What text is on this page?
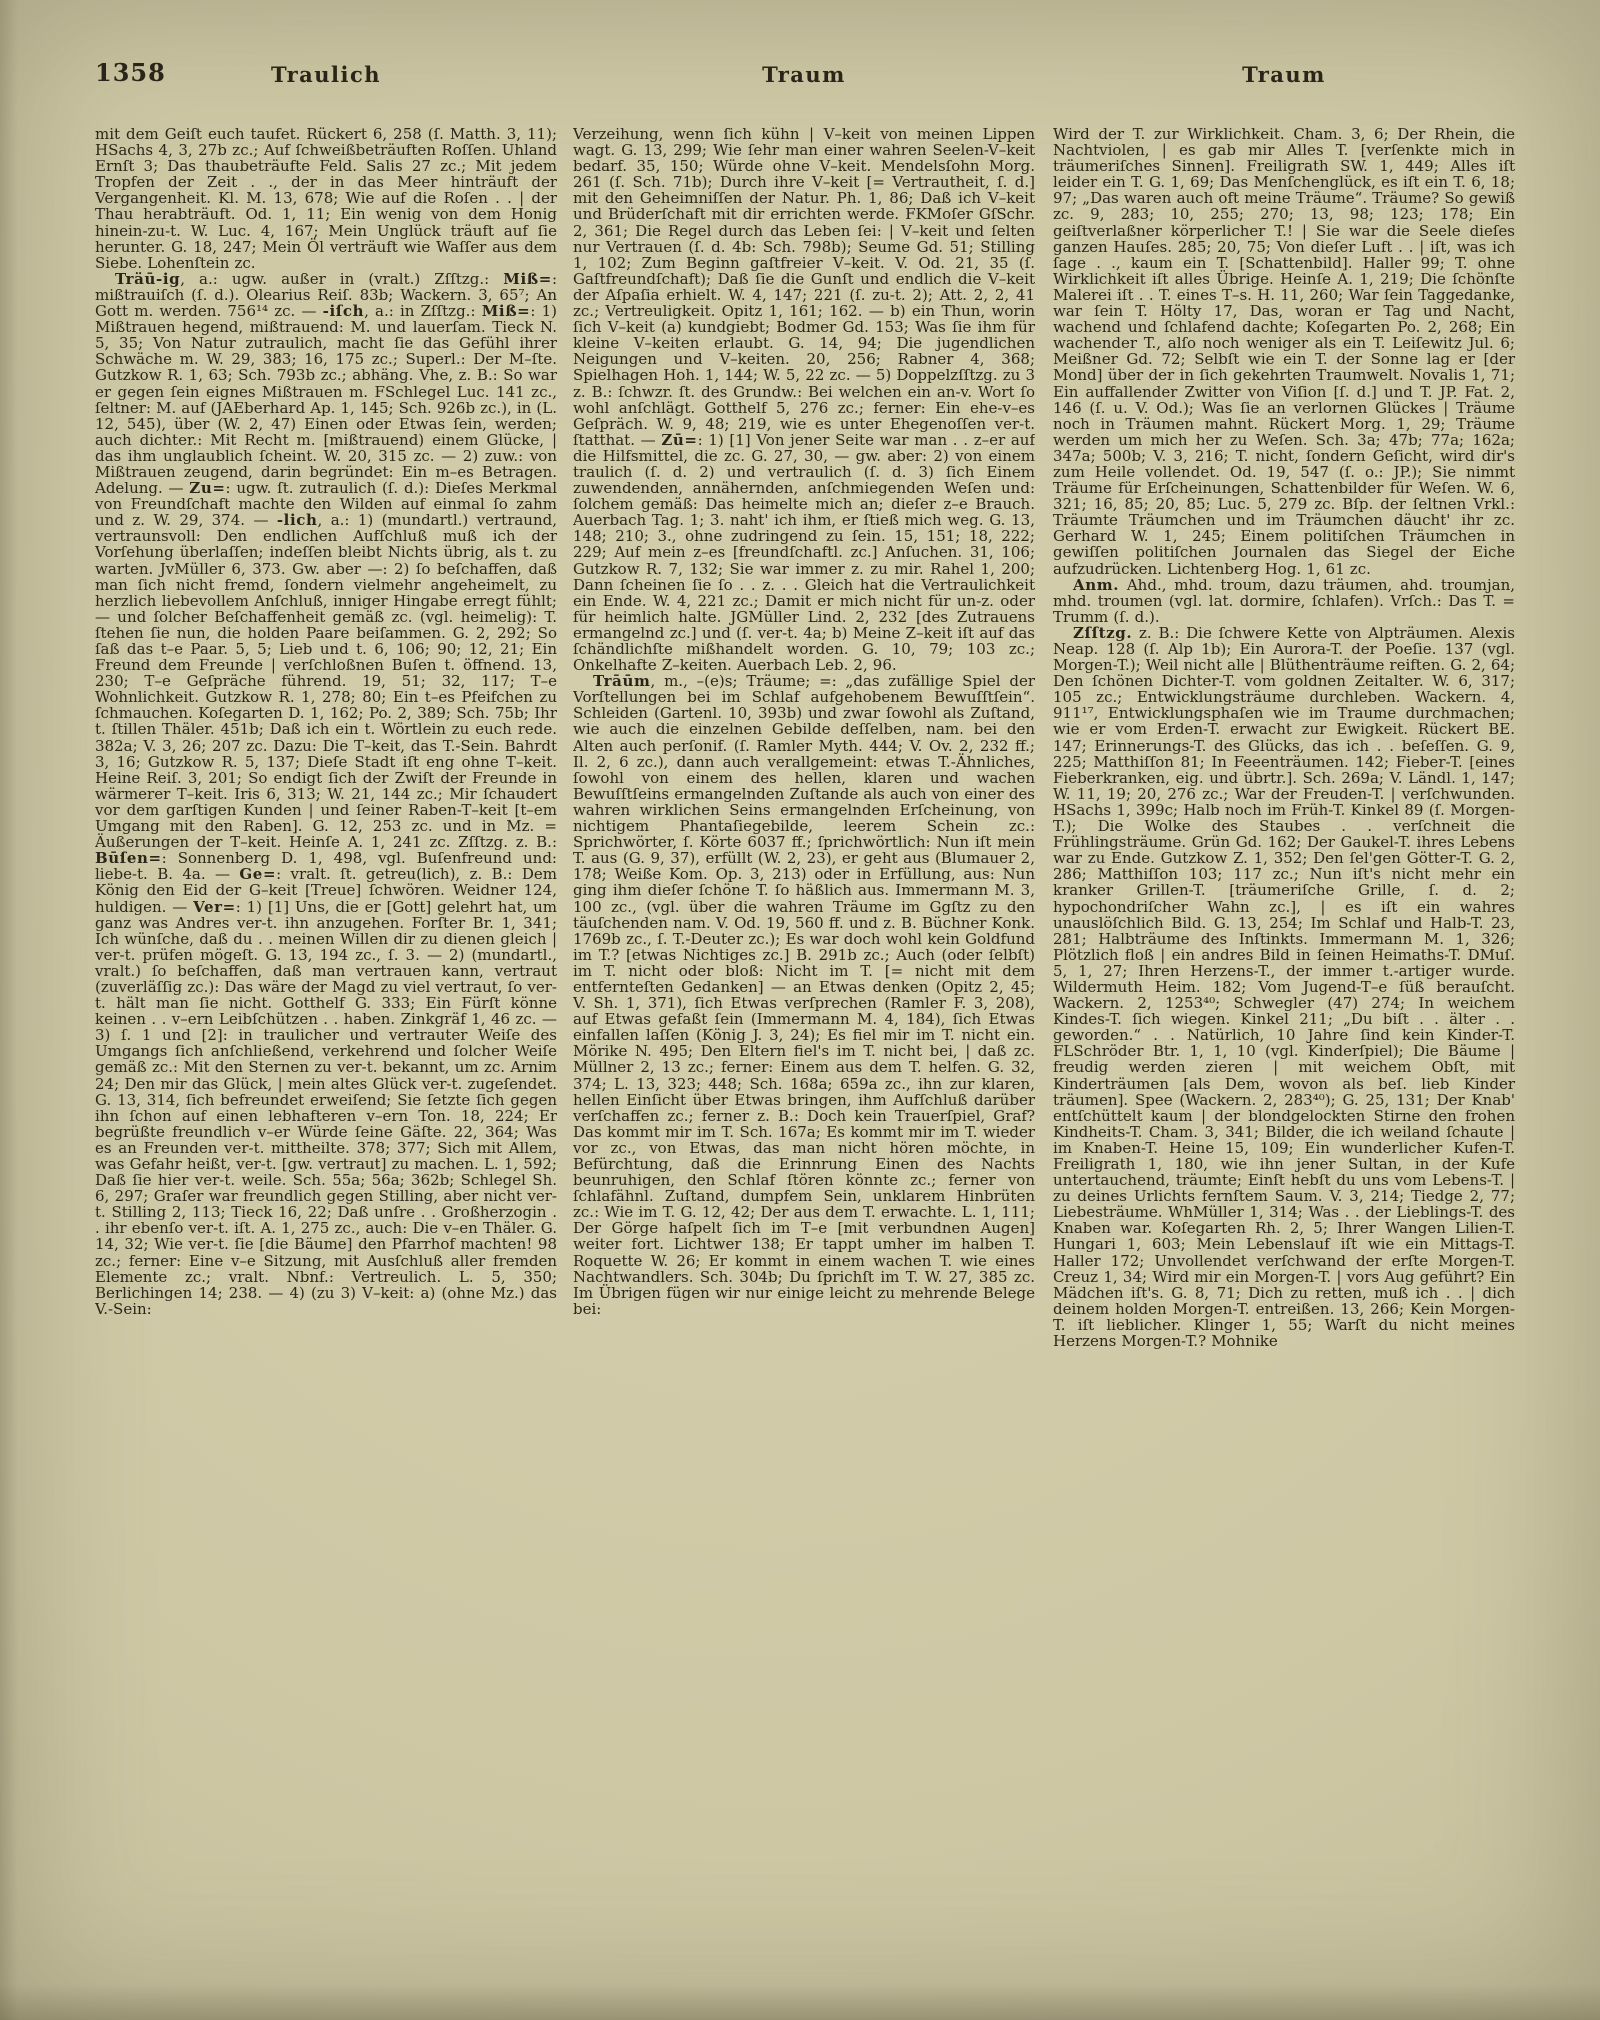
1358	Traulich	Traum	Traum

mit dem Geiſt euch taufet. Rückert 6, 258 (ſ. Matth. 3, 11); HSachs 4, 3, 27b zc.; Auf ſchweißbeträuften Roſſen. Uhland Ernſt 3; Das thaubeträufte Feld. Salis 27 zc.; Mit jedem Tropfen der Zeit . ., der in das Meer hinträuft der Vergangenheit. Kl. M. 13, 678; Wie auf die Roſen . . | der Thau herabträuft. Od. 1, 11; Ein wenig von dem Honig hinein-zu-t. W. Luc. 4, 167; Mein Unglück träuft auf ſie herunter. G. 18, 247; Mein Öl verträuft wie Waſſer aus dem Siebe. Lohenſtein zc.

Träū-ig, a.: ugw. außer in (vralt.) Zſſtzg.: Miß=: mißtrauiſch (ſ. d.). Olearius Reiſ. 83b; Wackern. 3, 65⁷; An Gott m. werden. 756¹⁴ zc. — -iſch, a.: in Zſſtzg.: Miß=: 1) Mißtrauen hegend, mißtrauend: M. und lauerſam. Tieck N. 5, 35; Von Natur zutraulich, macht ſie das Gefühl ihrer Schwäche m. W. 29, 383; 16, 175 zc.; Superl.: Der M–ſte. Gutzkow R. 1, 63; Sch. 793b zc.; abhäng. Vhe, z. B.: So war er gegen ſein eignes Mißtrauen m. FSchlegel Luc. 141 zc., ſeltner: M. auf (JAEberhard Ap. 1, 145; Sch. 926b zc.), in (L. 12, 545), über (W. 2, 47) Einen oder Etwas ſein, werden; auch dichter.: Mit Recht m. [mißtrauend) einem Glücke, | das ihm unglaublich ſcheint. W. 20, 315 zc. — 2) zuw.: von Mißtrauen zeugend, darin begründet: Ein m–es Betragen. Adelung. — Zu=: ugw. ſt. zutraulich (ſ. d.): Dieſes Merkmal von Freundſchaft machte den Wilden auf einmal ſo zahm und z. W. 29, 374. — -lich, a.: 1) (mundartl.) vertraund, vertraunsvoll: Den endlichen Aufſchluß muß ich der Vorſehung überlaſſen; indeſſen bleibt Nichts übrig, als t. zu warten. JvMüller 6, 373. Gw. aber —: 2) ſo beſchaffen, daß man ſich nicht fremd, ſondern vielmehr angeheimelt, zu herzlich liebevollem Anſchluß, inniger Hingabe erregt fühlt; — und ſolcher Beſchaffenheit gemäß zc. (vgl. heimelig): T. ſtehen ſie nun, die holden Paare beiſammen. G. 2, 292; So ſaß das t–e Paar. 5, 5; Lieb und t. 6, 106; 90; 12, 21; Ein Freund dem Freunde | verſchloßnen Buſen t. öffnend. 13, 230; T–e Geſpräche führend. 19, 51; 32, 117; T–e Wohnlichkeit. Gutzkow R. 1, 278; 80; Ein t–es Pfeifchen zu ſchmauchen. Koſegarten D. 1, 162; Po. 2, 389; Sch. 75b; Ihr t. ſtillen Thäler. 451b; Daß ich ein t. Wörtlein zu euch rede. 382a; V. 3, 26; 207 zc. Dazu: Die T–keit, das T.-Sein. Bahrdt 3, 16; Gutzkow R. 5, 137; Dieſe Stadt iſt eng ohne T–keit. Heine Reiſ. 3, 201; So endigt ſich der Zwiſt der Freunde in wärmerer T–keit. Iris 6, 313; W. 21, 144 zc.; Mir ſchaudert vor dem garſtigen Kunden | und ſeiner Raben-T–keit [t–em Umgang mit den Raben]. G. 12, 253 zc. und in Mz. = Äußerungen der T–keit. Heinſe A. 1, 241 zc. Zſſtzg. z. B.: Būſen=: Sonnenberg D. 1, 498, vgl. Buſenfreund und: liebe-t. B. 4a. — Ge=: vralt. ſt. getreu(lich), z. B.: Dem König den Eid der G–keit [Treue] ſchwören. Weidner 124, huldigen. — Ver=: 1) [1] Uns, die er [Gott] gelehrt hat, um ganz was Andres ver-t. ihn anzugehen. Forſter Br. 1, 341; Ich wünſche, daß du . . meinen Willen dir zu dienen gleich | ver-t. prüfen mögeſt. G. 13, 194 zc., ſ. 3. — 2) (mundartl., vralt.) ſo beſchaffen, daß man vertrauen kann, vertraut (zuverläſſig zc.): Das wäre der Magd zu viel vertraut, ſo ver-t. hält man ſie nicht. Gotthelf G. 333; Ein Fürſt könne keinen . . v–ern Leibſchützen . . haben. Zinkgräf 1, 46 zc. — 3) ſ. 1 und [2]: in traulicher und vertrauter Weiſe des Umgangs ſich anſchließend, verkehrend und ſolcher Weiſe gemäß zc.: Mit den Sternen zu ver-t. bekannt, um zc. Arnim 24; Den mir das Glück, | mein altes Glück ver-t. zugeſendet. G. 13, 314, ſich befreundet erweiſend; Sie ſetzte ſich gegen ihn ſchon auf einen lebhafteren v–ern Ton. 18, 224; Er begrüßte freundlich v–er Würde ſeine Gäſte. 22, 364; Was es an Freunden ver-t. mittheilte. 378; 377; Sich mit Allem, was Gefahr heißt, ver-t. [gw. vertraut] zu machen. L. 1, 592; Daß ſie hier ver-t. weile. Sch. 55a; 56a; 362b; Schlegel Sh. 6, 297; Graſer war freundlich gegen Stilling, aber nicht ver-t. Stilling 2, 113; Tieck 16, 22; Daß unſre . . Großherzogin . . ihr ebenſo ver-t. iſt. A. 1, 275 zc., auch: Die v–en Thäler. G. 14, 32; Wie ver-t. ſie [die Bäume] den Pfarrhof machten! 98 zc.; ferner: Eine v–e Sitzung, mit Ausſchluß aller fremden Elemente zc.; vralt. Nbnf.: Vertreulich. L. 5, 350; Berlichingen 14; 238. — 4) (zu 3) V–keit: a) (ohne Mz.) das V.-Sein:

Verzeihung, wenn ſich kühn | V–keit von meinen Lippen wagt. G. 13, 299; Wie ſehr man einer wahren Seelen-V–keit bedarf. 35, 150; Würde ohne V–keit. Mendelsſohn Morg. 261 (ſ. Sch. 71b); Durch ihre V–keit [= Vertrautheit, ſ. d.] mit den Geheimniſſen der Natur. Ph. 1, 86; Daß ich V–keit und Brüderſchaft mit dir errichten werde. FKMoſer GſSchr. 2, 361; Die Regel durch das Leben ſei: | V–keit und ſelten nur Vertrauen (ſ. d. 4b: Sch. 798b); Seume Gd. 51; Stilling 1, 102; Zum Beginn gaſtfreier V–keit. V. Od. 21, 35 (ſ. Gaſtfreundſchaft); Daß ſie die Gunſt und endlich die V–keit der Aſpaſia erhielt. W. 4, 147; 221 (ſ. zu-t. 2); Att. 2, 2, 41 zc.; Vertreuligkeit. Opitz 1, 161; 162. — b) ein Thun, worin ſich V–keit (a) kundgiebt; Bodmer Gd. 153; Was ſie ihm für kleine V–keiten erlaubt. G. 14, 94; Die jugendlichen Neigungen und V–keiten. 20, 256; Rabner 4, 368; Spielhagen Hoh. 1, 144; W. 5, 22 zc. — 5) Doppelzſſtzg. zu 3 z. B.: ſchwzr. ſt. des Grundw.: Bei welchen ein an-v. Wort ſo wohl anſchlägt. Gotthelf 5, 276 zc.; ferner: Ein ehe-v–es Geſpräch. W. 9, 48; 219, wie es unter Ehegenoſſen ver-t. ſtatthat. — Zū=: 1) [1] Von jener Seite war man . . z–er auf die Hilfsmittel, die zc. G. 27, 30, — gw. aber: 2) von einem traulich (ſ. d. 2) und vertraulich (ſ. d. 3) ſich Einem zuwendenden, annähernden, anſchmiegenden Weſen und: ſolchem gemäß: Das heimelte mich an; dieſer z–e Brauch. Auerbach Tag. 1; 3. naht' ich ihm, er ſtieß mich weg. G. 13, 148; 210; 3., ohne zudringend zu ſein. 15, 151; 18, 222; 229; Auf mein z–es [freundſchaftl. zc.] Anſuchen. 31, 106; Gutzkow R. 7, 132; Sie war immer z. zu mir. Rahel 1, 200; Dann ſcheinen ſie ſo . . z. . . Gleich hat die Vertraulichkeit ein Ende. W. 4, 221 zc.; Damit er mich nicht für un-z. oder für heimlich halte. JGMüller Lind. 2, 232 [des Zutrauens ermangelnd zc.] und (ſ. ver-t. 4a; b) Meine Z–keit iſt auf das ſchändlichſte mißhandelt worden. G. 10, 79; 103 zc.; Onkelhafte Z–keiten. Auerbach Leb. 2, 96.

Trāūm, m., –(e)s; Träume; =: „das zufällige Spiel der Vorſtellungen bei im Schlaf aufgehobenem Bewuſſtſein“. Schleiden (Gartenl. 10, 393b) und zwar ſowohl als Zuſtand, wie auch die einzelnen Gebilde deſſelben, nam. bei den Alten auch perſonif. (ſ. Ramler Myth. 444; V. Ov. 2, 232 ff.; Il. 2, 6 zc.), dann auch verallgemeint: etwas T.-Ähnliches, ſowohl von einem des hellen, klaren und wachen Bewuſſtſeins ermangelnden Zuſtande als auch von einer des wahren wirklichen Seins ermangelnden Erſcheinung, von nichtigem Phantaſiegebilde, leerem Schein zc.: Sprichwörter, ſ. Körte 6037 ff.; ſprichwörtlich: Nun iſt mein T. aus (G. 9, 37), erfüllt (W. 2, 23), er geht aus (Blumauer 2, 178; Weiße Kom. Op. 3, 213) oder in Erfüllung, aus: Nun ging ihm dieſer ſchöne T. ſo häßlich aus. Immermann M. 3, 100 zc., (vgl. über die wahren Träume im Ggſtz zu den täuſchenden nam. V. Od. 19, 560 ff. und z. B. Büchner Konk. 1769b zc., ſ. T.-Deuter zc.); Es war doch wohl kein Goldfund im T.? [etwas Nichtiges zc.] B. 291b zc.; Auch (oder ſelbſt) im T. nicht oder bloß: Nicht im T. [= nicht mit dem entfernteſten Gedanken] — an Etwas denken (Opitz 2, 45; V. Sh. 1, 371), ſich Etwas verſprechen (Ramler F. 3, 208), auf Etwas gefaßt ſein (Immermann M. 4, 184), ſich Etwas einfallen laſſen (König J. 3, 24); Es fiel mir im T. nicht ein. Mörike N. 495; Den Eltern fiel's im T. nicht bei, | daß zc. Müllner 2, 13 zc.; ferner: Einem aus dem T. helfen. G. 32, 374; L. 13, 323; 448; Sch. 168a; 659a zc., ihn zur klaren, hellen Einſicht über Etwas bringen, ihm Aufſchluß darüber verſchaffen zc.; ferner z. B.: Doch kein Trauerſpiel, Graf? Das kommt mir im T. Sch. 167a; Es kommt mir im T. wieder vor zc., von Etwas, das man nicht hören möchte, in Befürchtung, daß die Erinnrung Einen des Nachts beunruhigen, den Schlaf ſtören könnte zc.; ferner von ſchlafähnl. Zuſtand, dumpfem Sein, unklarem Hinbrüten zc.: Wie im T. G. 12, 42; Der aus dem T. erwachte. L. 1, 111; Der Görge haſpelt ſich im T–e [mit verbundnen Augen] weiter fort. Lichtwer 138; Er tappt umher im halben T. Roquette W. 26; Er kommt in einem wachen T. wie eines Nachtwandlers. Sch. 304b; Du ſprichſt im T. W. 27, 385 zc. Im Übrigen fügen wir nur einige leicht zu mehrende Belege bei:

Wird der T. zur Wirklichkeit. Cham. 3, 6; Der Rhein, die Nachtviolen, | es gab mir Alles T. [verſenkte mich in träumeriſches Sinnen]. Freiligrath SW. 1, 449; Alles iſt leider ein T. G. 1, 69; Das Menſchenglück, es iſt ein T. 6, 18; 97; „Das waren auch oft meine Träume“. Träume? So gewiß zc. 9, 283; 10, 255; 270; 13, 98; 123; 178; Ein geiſtverlaßner körperlicher T.! | Sie war die Seele dieſes ganzen Hauſes. 285; 20, 75; Von dieſer Luft . . | iſt, was ich ſage . ., kaum ein T. [Schattenbild]. Haller 99; T. ohne Wirklichkeit iſt alles Übrige. Heinſe A. 1, 219; Die ſchönſte Malerei iſt . . T. eines T–s. H. 11, 260; War ſein Taggedanke, war ſein T. Hölty 17, Das, woran er Tag und Nacht, wachend und ſchlafend dachte; Koſegarten Po. 2, 268; Ein wachender T., alſo noch weniger als ein T. Leiſewitz Jul. 6; Meißner Gd. 72; Selbſt wie ein T. der Sonne lag er [der Mond] über der in ſich gekehrten Traumwelt. Novalis 1, 71; Ein auffallender Zwitter von Viſion [ſ. d.] und T. JP. Fat. 2, 146 (ſ. u. V. Od.); Was ſie an verlornen Glückes | Träume noch in Träumen mahnt. Rückert Morg. 1, 29; Träume werden um mich her zu Weſen. Sch. 3a; 47b; 77a; 162a; 347a; 500b; V. 3, 216; T. nicht, ſondern Geſicht, wird dir's zum Heile vollendet. Od. 19, 547 (ſ. o.: JP.); Sie nimmt Träume für Erſcheinungen, Schattenbilder für Weſen. W. 6, 321; 16, 85; 20, 85; Luc. 5, 279 zc. Bſp. der ſeltnen Vrkl.: Träumte Träumchen und im Träumchen däucht' ihr zc. Gerhard W. 1, 245; Einem politiſchen Träumchen in gewiſſen politiſchen Journalen das Siegel der Eiche aufzudrücken. Lichtenberg Hog. 1, 61 zc.

Anm. Ahd., mhd. troum, dazu träumen, ahd. troumjan, mhd. troumen (vgl. lat. dormire, ſchlafen). Vrſch.: Das T. = Trumm (ſ. d.).

Zſſtzg. z. B.: Die ſchwere Kette von Alpträumen. Alexis Neap. 128 (ſ. Alp 1b); Ein Aurora-T. der Poeſie. 137 (vgl. Morgen-T.); Weil nicht alle | Blüthenträume reiften. G. 2, 64; Den ſchönen Dichter-T. vom goldnen Zeitalter. W. 6, 317; 105 zc.; Entwicklungsträume durchleben. Wackern. 4, 911¹⁷, Entwicklungsphaſen wie im Traume durchmachen; wie er vom Erden-T. erwacht zur Ewigkeit. Rückert BE. 147; Erinnerungs-T. des Glücks, das ich . . beſeſſen. G. 9, 225; Matthiſſon 81; In Feeenträumen. 142; Fieber-T. [eines Fieberkranken, eig. und übrtr.]. Sch. 269a; V. Ländl. 1, 147; W. 11, 19; 20, 276 zc.; War der Freuden-T. | verſchwunden. HSachs 1, 399c; Halb noch im Früh-T. Kinkel 89 (ſ. Morgen-T.); Die Wolke des Staubes . . verſchneit die Frühlingsträume. Grün Gd. 162; Der Gaukel-T. ihres Lebens war zu Ende. Gutzkow Z. 1, 352; Den ſel'gen Götter-T. G. 2, 286; Matthiſſon 103; 117 zc.; Nun iſt's nicht mehr ein kranker Grillen-T. [träumeriſche Grille, ſ. d. 2; hypochondriſcher Wahn zc.], | es iſt ein wahres unauslöſchlich Bild. G. 13, 254; Im Schlaf und Halb-T. 23, 281; Halbträume des Inſtinkts. Immermann M. 1, 326; Plötzlich floß | ein andres Bild in ſeinen Heimaths-T. DMuſ. 5, 1, 27; Ihren Herzens-T., der immer t.-artiger wurde. Wildermuth Heim. 182; Vom Jugend-T–e ſüß berauſcht. Wackern. 2, 1253⁴⁰; Schwegler (47) 274; In weichem Kindes-T. ſich wiegen. Kinkel 211; „Du biſt . . älter . . geworden.“ . . Natürlich, 10 Jahre ſind kein Kinder-T. FLSchröder Btr. 1, 1, 10 (vgl. Kinderſpiel); Die Bäume | freudig werden zieren | mit weichem Obſt, mit Kinderträumen [als Dem, wovon als beſ. lieb Kinder träumen]. Spee (Wackern. 2, 283⁴⁰); G. 25, 131; Der Knab' entſchüttelt kaum | der blondgelockten Stirne den frohen Kindheits-T. Cham. 3, 341; Bilder, die ich weiland ſchaute | im Knaben-T. Heine 15, 109; Ein wunderlicher Kufen-T. Freiligrath 1, 180, wie ihn jener Sultan, in der Kufe untertauchend, träumte; Einſt hebſt du uns vom Lebens-T. | zu deines Urlichts fernſtem Saum. V. 3, 214; Tiedge 2, 77; Liebesträume. WhMüller 1, 314; Was . . der Lieblings-T. des Knaben war. Koſegarten Rh. 2, 5; Ihrer Wangen Lilien-T. Hungari 1, 603; Mein Lebenslauf iſt wie ein Mittags-T. Haller 172; Unvollendet verſchwand der erſte Morgen-T. Creuz 1, 34; Wird mir ein Morgen-T. | vors Aug geführt? Ein Mädchen iſt's. G. 8, 71; Dich zu retten, muß ich . . | dich deinem holden Morgen-T. entreißen. 13, 266; Kein Morgen-T. iſt lieblicher. Klinger 1, 55; Warſt du nicht meines Herzens Morgen-T.? Mohnike
